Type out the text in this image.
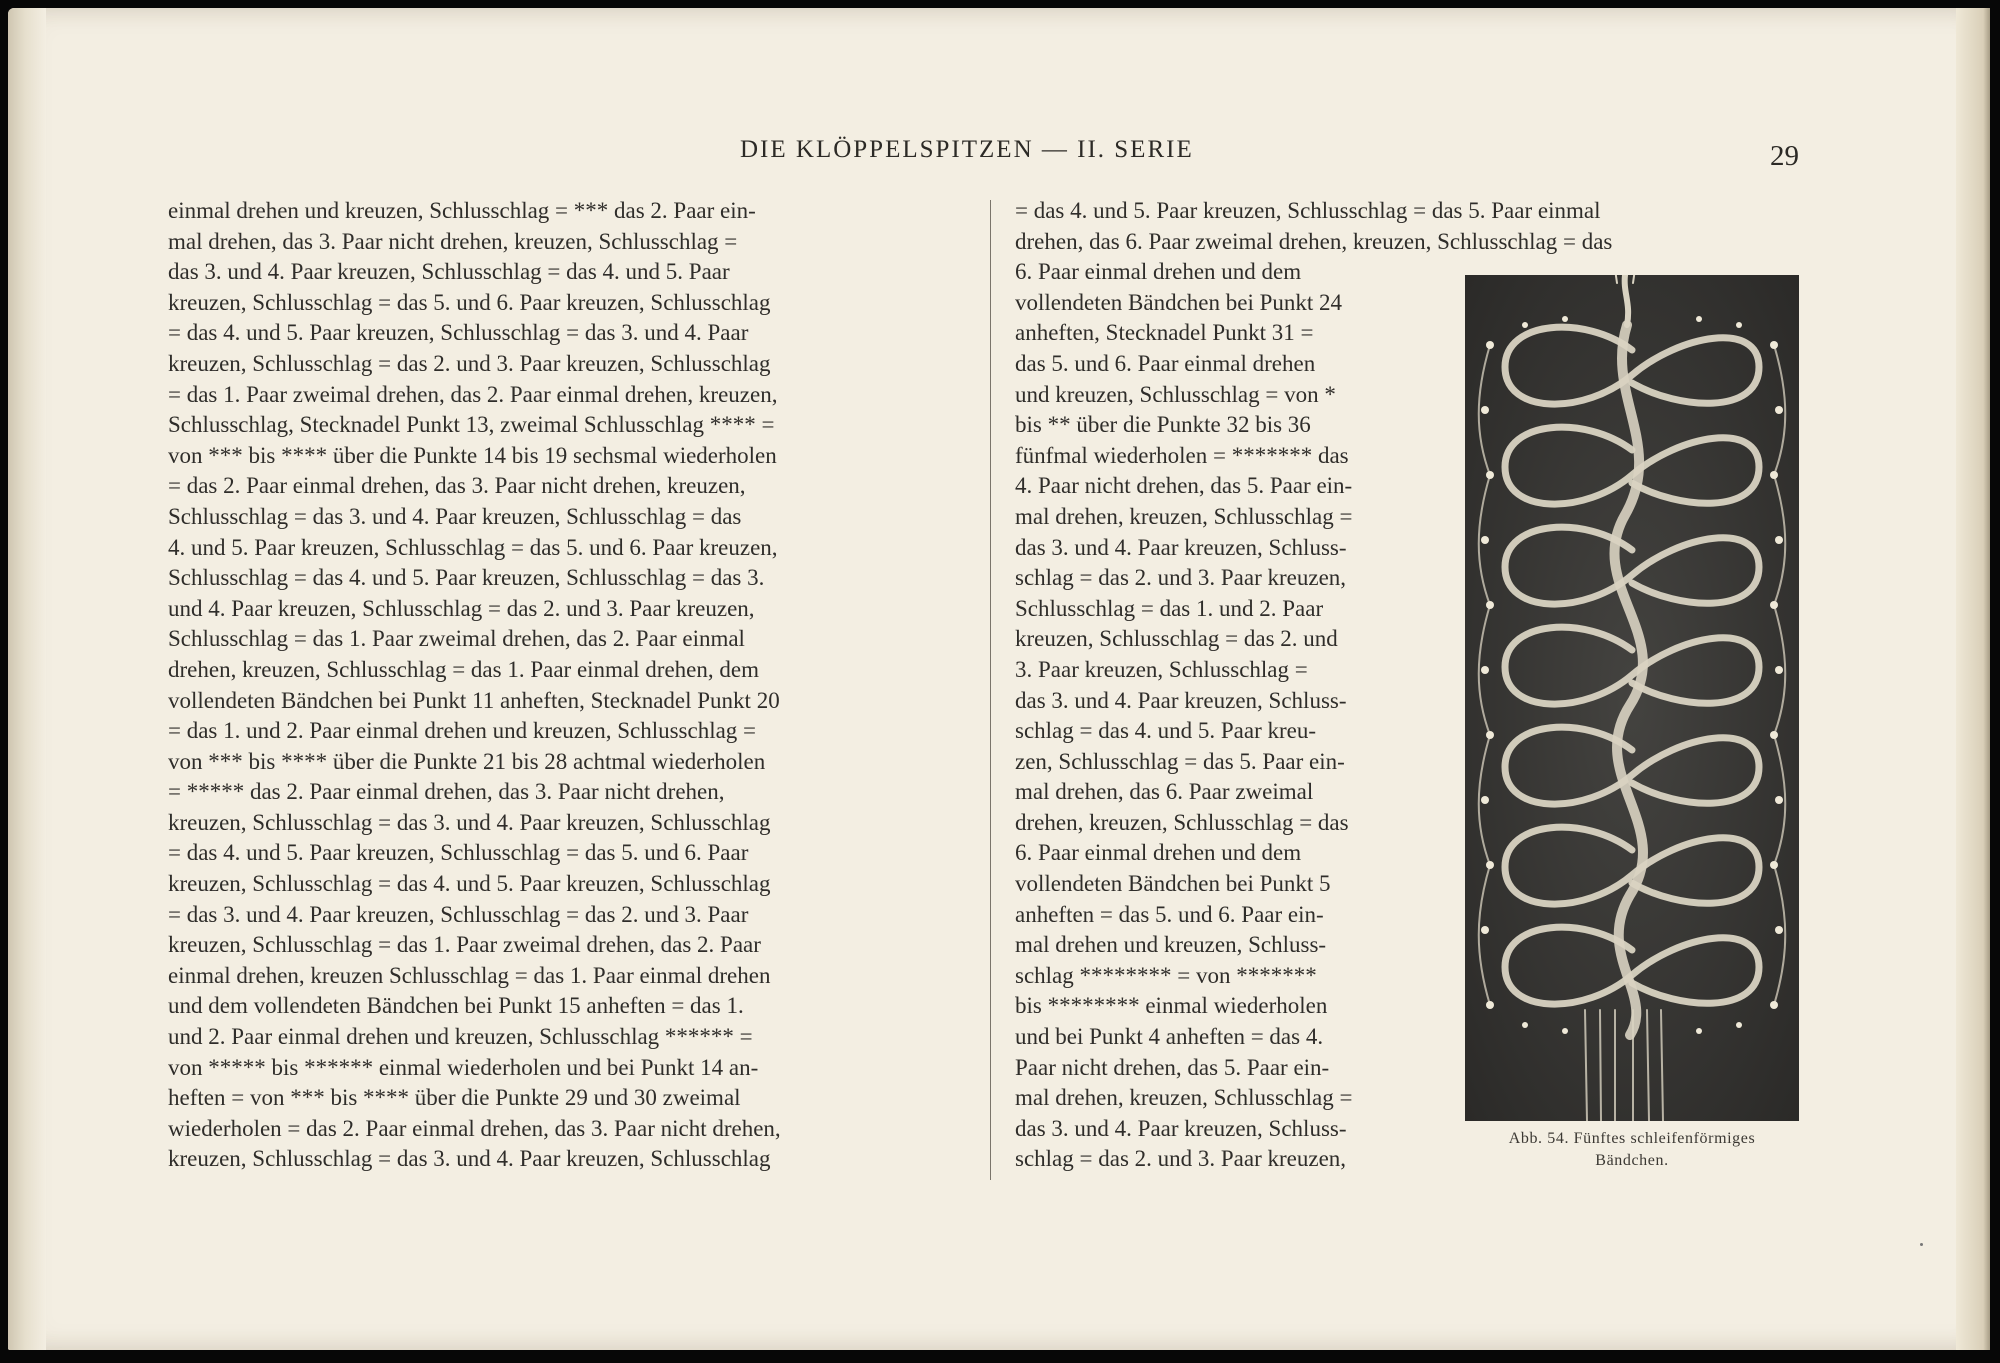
DIE KLÖPPELSPITZEN — II. SERIE	29
einmal drehen und kreuzen, Schlusschlag = *** das 2. Paar ein-
mal drehen, das 3. Paar nicht drehen, kreuzen, Schlusschlag =
das 3. und 4. Paar kreuzen, Schlusschlag = das 4. und 5. Paar
kreuzen, Schlusschlag = das 5. und 6. Paar kreuzen, Schlusschlag
= das 4. und 5. Paar kreuzen, Schlusschlag = das 3. und 4. Paar
kreuzen, Schlusschlag = das 2. und 3. Paar kreuzen, Schlusschlag
= das 1. Paar zweimal drehen, das 2. Paar einmal drehen, kreuzen,
Schlusschlag, Stecknadel Punkt 13, zweimal Schlusschlag **** =
von *** bis **** über die Punkte 14 bis 19 sechsmal wiederholen
= das 2. Paar einmal drehen, das 3. Paar nicht drehen, kreuzen,
Schlusschlag = das 3. und 4. Paar kreuzen, Schlusschlag = das
4. und 5. Paar kreuzen, Schlusschlag = das 5. und 6. Paar kreuzen,
Schlusschlag = das 4. und 5. Paar kreuzen, Schlusschlag = das 3.
und 4. Paar kreuzen, Schlusschlag = das 2. und 3. Paar kreuzen,
Schlusschlag = das 1. Paar zweimal drehen, das 2. Paar einmal
drehen, kreuzen, Schlusschlag = das 1. Paar einmal drehen, dem
vollendeten Bändchen bei Punkt 11 anheften, Stecknadel Punkt 20
= das 1. und 2. Paar einmal drehen und kreuzen, Schlusschlag =
von *** bis **** über die Punkte 21 bis 28 achtmal wiederholen
= ***** das 2. Paar einmal drehen, das 3. Paar nicht drehen,
kreuzen, Schlusschlag = das 3. und 4. Paar kreuzen, Schlusschlag
= das 4. und 5. Paar kreuzen, Schlusschlag = das 5. und 6. Paar
kreuzen, Schlusschlag = das 4. und 5. Paar kreuzen, Schlusschlag
= das 3. und 4. Paar kreuzen, Schlusschlag = das 2. und 3. Paar
kreuzen, Schlusschlag = das 1. Paar zweimal drehen, das 2. Paar
einmal drehen, kreuzen Schlusschlag = das 1. Paar einmal drehen
und dem vollendeten Bändchen bei Punkt 15 anheften = das 1.
und 2. Paar einmal drehen und kreuzen, Schlusschlag ****** =
von ***** bis ****** einmal wiederholen und bei Punkt 14 an-
heften = von *** bis **** über die Punkte 29 und 30 zweimal
wiederholen = das 2. Paar einmal drehen, das 3. Paar nicht drehen,
kreuzen, Schlusschlag = das 3. und 4. Paar kreuzen, Schlusschlag
= das 4. und 5. Paar kreuzen, Schlusschlag = das 5. Paar einmal
drehen, das 6. Paar zweimal drehen, kreuzen, Schlusschlag = das
6. Paar einmal drehen und dem
vollendeten Bändchen bei Punkt 24
anheften, Stecknadel Punkt 31 =
das 5. und 6. Paar einmal drehen
und kreuzen, Schlusschlag = von *
bis ** über die Punkte 32 bis 36
fünfmal wiederholen = ******* das
4. Paar nicht drehen, das 5. Paar ein-
mal drehen, kreuzen, Schlusschlag =
das 3. und 4. Paar kreuzen, Schluss-
schlag = das 2. und 3. Paar kreuzen,
Schlusschlag = das 1. und 2. Paar
kreuzen, Schlusschlag = das 2. und
3. Paar kreuzen, Schlusschlag =
das 3. und 4. Paar kreuzen, Schluss-
schlag = das 4. und 5. Paar kreu-
zen, Schlusschlag = das 5. Paar ein-
mal drehen, das 6. Paar zweimal
drehen, kreuzen, Schlusschlag = das
6. Paar einmal drehen und dem
vollendeten Bändchen bei Punkt 5
anheften = das 5. und 6. Paar ein-
mal drehen und kreuzen, Schluss-
schlag ******** = von *******
bis ******** einmal wiederholen
und bei Punkt 4 anheften = das 4.
Paar nicht drehen, das 5. Paar ein-
mal drehen, kreuzen, Schlusschlag =
das 3. und 4. Paar kreuzen, Schluss-
schlag = das 2. und 3. Paar kreuzen,
Abb. 54. Fünftes schleifenförmiges
Bändchen.
